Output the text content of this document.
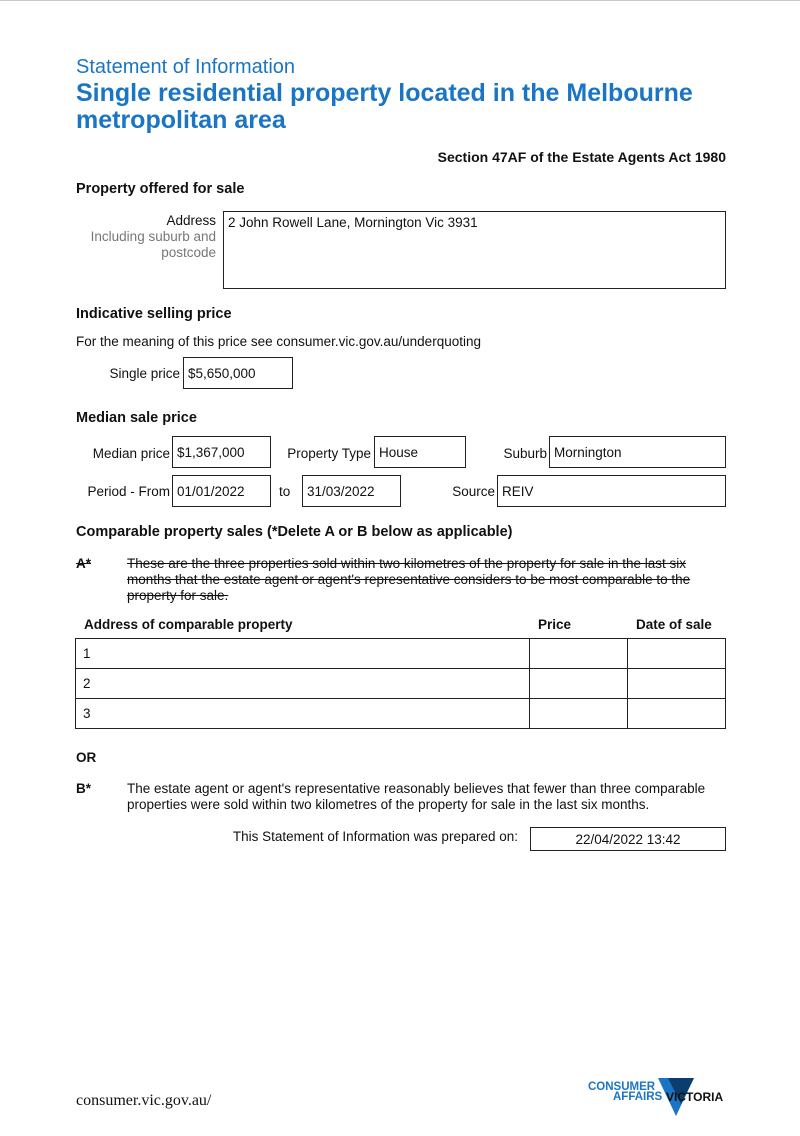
Statement of Information
Single residential property located in the Melbourne metropolitan area
Section 47AF of the Estate Agents Act 1980
Property offered for sale
Address
Including suburb and postcode
2 John Rowell Lane, Mornington Vic 3931
Indicative selling price
For the meaning of this price see consumer.vic.gov.au/underquoting
Single price $5,650,000
Median sale price
Median price $1,367,000	Property Type House	Suburb Mornington
Period - From 01/01/2022	to	31/03/2022	Source REIV
Comparable property sales (*Delete A or B below as applicable)
A*	These are the three properties sold within two kilometres of the property for sale in the last six months that the estate agent or agent's representative considers to be most comparable to the property for sale.
Address of comparable property	Price	Date of sale
1		
2		
3		
OR
B*	The estate agent or agent's representative reasonably believes that fewer than three comparable properties were sold within two kilometres of the property for sale in the last six months.
This Statement of Information was prepared on:	22/04/2022 13:42
consumer.vic.gov.au/
CONSUMER
AFFAIRS VICTORIA
